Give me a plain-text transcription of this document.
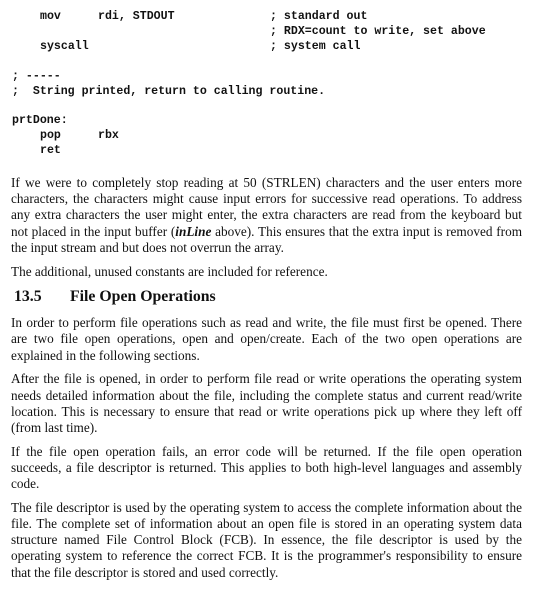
mov

	rdi, STDOUT

	; standard out

; RDX=count to write, set above

syscall

	; system call

; -----

;  String printed, return to calling routine.

prtDone:

pop

	rbx

ret

If we were to completely stop reading at 50 (STRLEN) characters and the user enters more characters, the characters might cause input errors for successive read operations. To address any extra characters the user might enter, the extra characters are read from the keyboard but not placed in the input buffer (inLine above). This ensures that the extra input is removed from the input stream and but does not overrun the array.

The additional, unused constants are included for reference.

13.5 File Open Operations

In order to perform file operations such as read and write, the file must first be opened. There are two file open operations, open and open/create. Each of the two open operations are explained in the following sections.

After the file is opened, in order to perform file read or write operations the operating system needs detailed information about the file, including the complete status and current read/write location. This is necessary to ensure that read or write operations pick up where they left off (from last time).

If the file open operation fails, an error code will be returned. If the file open operation succeeds, a file descriptor is returned. This applies to both high-level languages and assembly code.

The file descriptor is used by the operating system to access the complete information about the file. The complete set of information about an open file is stored in an operating system data structure named File Control Block (FCB). In essence, the file descriptor is used by the operating system to reference the correct FCB. It is the programmer's responsibility to ensure that the file descriptor is stored and used correctly.
